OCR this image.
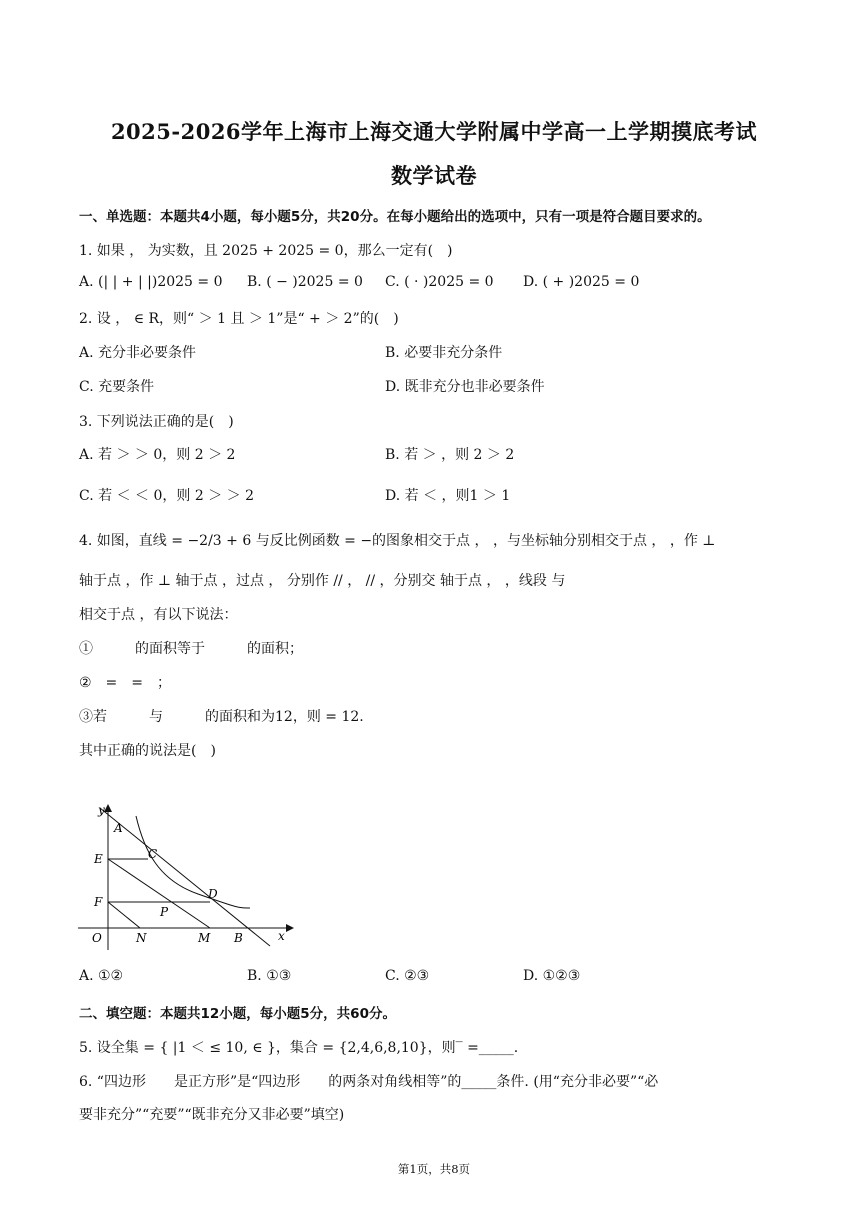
2025-2026学年上海市上海交通大学附属中学高一上学期摸底考试
数学试卷
一、单选题：本题共4小题，每小题5分，共20分。在每小题给出的选项中，只有一项是符合题目要求的。
1. 如果 ， 为实数，且 2025 + 2025 = 0，那么一定有(　)
A. (| | + | |)2025 = 0 B. ( − )2025 = 0 C. ( · )2025 = 0 D. ( + )2025 = 0
2. 设 ， ∈ R，则“ ＞ 1 且 ＞ 1”是“ + ＞ 2”的(　)
A. 充分非必要条件	B. 必要非充分条件
C. 充要条件	D. 既非充分也非必要条件
3. 下列说法正确的是(　)
A. 若 ＞ ＞ 0，则 2 ＞ 2	B. 若 ＞ ，则 2 ＞ 2
C. 若 ＜ ＜ 0，则 2 ＞ ＞ 2	D. 若 ＜ ，则1 ＞ 1
4. 如图，直线 = −2/3 + 6 与反比例函数 = −的图象相交于点 ， ，与坐标轴分别相交于点 ， ，作 ⊥
轴于点 ，作 ⊥ 轴于点 ，过点 ， 分别作 // ， // ，分别交 轴于点 ， ，线段 与
相交于点 ，有以下说法：
①　　　的面积等于　　　的面积；
②　=　=　；
③若　　　与　　　的面积和为12，则 = 12.
其中正确的说法是(　)
y
A
E	C
D
F
P
O	N	M B	x
A. ①②	B. ①③	C. ②③	D. ①②③
二、填空题：本题共12小题，每小题5分，共60分。
5. 设全集 = { |1 ＜ ≤ 10, ∈ }，集合 = {2,4,6,8,10}，则‾ =_____.
6. “四边形　　是正方形”是“四边形　　的两条对角线相等”的_____条件. (用“充分非必要”“必
要非充分”“充要”“既非充分又非必要”填空)
第1页，共8页
